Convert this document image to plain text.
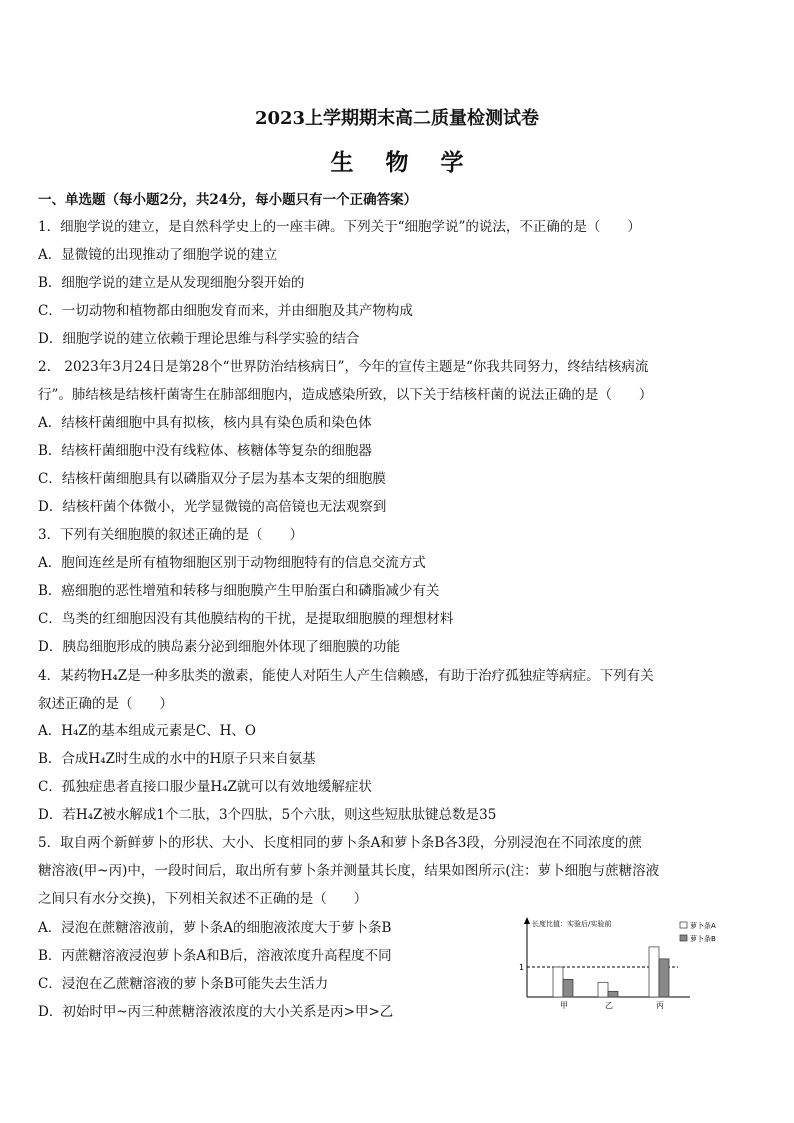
2023上学期期末高二质量检测试卷
生 物 学
一、单选题（每小题2分，共24分，每小题只有一个正确答案）
1．细胞学说的建立，是自然科学史上的一座丰碑。下列关于“细胞学说”的说法，不正确的是（　　）
A．显微镜的出现推动了细胞学说的建立
B．细胞学说的建立是从发现细胞分裂开始的
C．一切动物和植物都由细胞发育而来，并由细胞及其产物构成
D．细胞学说的建立依赖于理论思维与科学实验的结合
2.　2023年3月24日是第28个“世界防治结核病日”，今年的宣传主题是“你我共同努力，终结结核病流
行”。肺结核是结核杆菌寄生在肺部细胞内，造成感染所致，以下关于结核杆菌的说法正确的是（　　）
A．结核杆菌细胞中具有拟核，核内具有染色质和染色体
B．结核杆菌细胞中没有线粒体、核糖体等复杂的细胞器
C．结核杆菌细胞具有以磷脂双分子层为基本支架的细胞膜
D．结核杆菌个体微小，光学显微镜的高倍镜也无法观察到
3．下列有关细胞膜的叙述正确的是（　　）
A．胞间连丝是所有植物细胞区别于动物细胞特有的信息交流方式
B．癌细胞的恶性增殖和转移与细胞膜产生甲胎蛋白和磷脂减少有关
C．鸟类的红细胞因没有其他膜结构的干扰，是提取细胞膜的理想材料
D．胰岛细胞形成的胰岛素分泌到细胞外体现了细胞膜的功能
4．某药物H₄Z是一种多肽类的激素，能使人对陌生人产生信赖感，有助于治疗孤独症等病症。下列有关
叙述正确的是（　　）
A．H₄Z的基本组成元素是C、H、O
B．合成H₄Z时生成的水中的H原子只来自氨基
C．孤独症患者直接口服少量H₄Z就可以有效地缓解症状
D．若H₄Z被水解成1个二肽，3个四肽，5个六肽，则这些短肽肽键总数是35
5．取自两个新鲜萝卜的形状、大小、长度相同的萝卜条A和萝卜条B各3段，分别浸泡在不同浓度的蔗
糖溶液(甲~丙)中，一段时间后，取出所有萝卜条并测量其长度，结果如图所示(注：萝卜细胞与蔗糖溶液
之间只有水分交换)，下列相关叙述不正确的是（　　）
A．浸泡在蔗糖溶液前，萝卜条A的细胞液浓度大于萝卜条B
B．丙蔗糖溶液浸泡萝卜条A和B后，溶液浓度升高程度不同
C．浸泡在乙蔗糖溶液的萝卜条B可能失去生活力
D．初始时甲~丙三种蔗糖溶液浓度的大小关系是丙>甲>乙
长度比值：实验后/实验前
1
甲	乙	丙
萝卜条A
萝卜条B
